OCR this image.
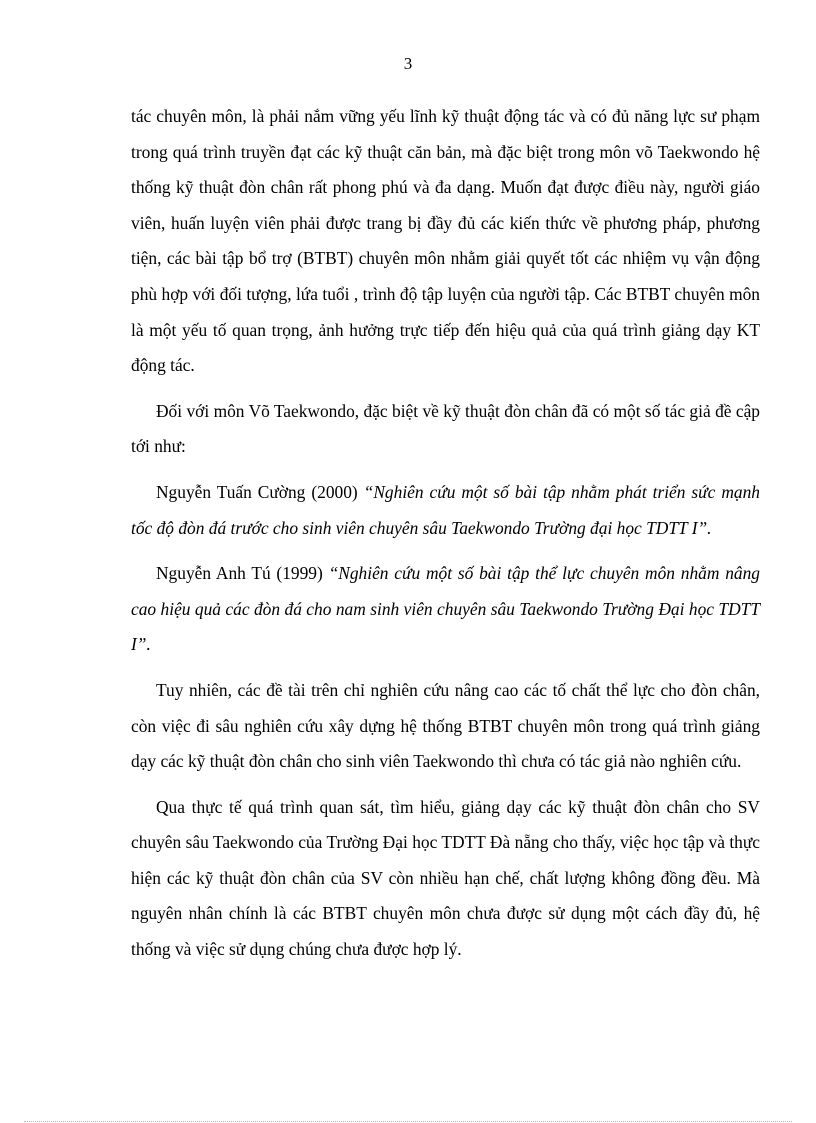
3

tác chuyên môn, là phải nắm vững yếu lĩnh kỹ thuật động tác và có đủ năng lực sư phạm trong quá trình truyền đạt các kỹ thuật căn bản, mà đặc biệt trong môn võ Taekwondo hệ thống kỹ thuật đòn chân rất phong phú và đa dạng. Muốn đạt được điều này, người giáo viên, huấn luyện viên phải được trang bị đầy đủ các kiến thức về phương pháp, phương tiện, các bài tập bổ trợ (BTBT) chuyên môn nhằm giải quyết tốt các nhiệm vụ vận động phù hợp với đối tượng, lứa tuổi , trình độ tập luyện của người tập. Các BTBT chuyên môn là một yếu tố quan trọng, ảnh hưởng trực tiếp đến hiệu quả của quá trình giảng dạy KT động tác.

Đối với môn Võ Taekwondo, đặc biệt về kỹ thuật đòn chân đã có một số tác giả đề cập tới như:

Nguyễn Tuấn Cường (2000) “Nghiên cứu một số bài tập nhằm phát triển sức mạnh tốc độ đòn đá trước cho sinh viên chuyên sâu Taekwondo Trường đại học TDTT I”.

Nguyễn Anh Tú (1999) “Nghiên cứu một số bài tập thể lực chuyên môn nhằm nâng cao hiệu quả các đòn đá cho nam sinh viên chuyên sâu Taekwondo Trường Đại học TDTT I”.

Tuy nhiên, các đề tài trên chỉ nghiên cứu nâng cao các tố chất thể lực cho đòn chân, còn việc đi sâu nghiên cứu xây dựng hệ thống BTBT chuyên môn trong quá trình giảng dạy các kỹ thuật đòn chân cho sinh viên Taekwondo thì chưa có tác giả nào nghiên cứu.

Qua thực tế quá trình quan sát, tìm hiểu, giảng dạy các kỹ thuật đòn chân cho SV chuyên sâu Taekwondo của Trường Đại học TDTT Đà nẵng cho thấy, việc học tập và thực hiện các kỹ thuật đòn chân của SV còn nhiều hạn chế, chất lượng không đồng đều. Mà nguyên nhân chính là các BTBT chuyên môn chưa được sử dụng một cách đầy đủ, hệ thống và việc sử dụng chúng chưa được hợp lý.
